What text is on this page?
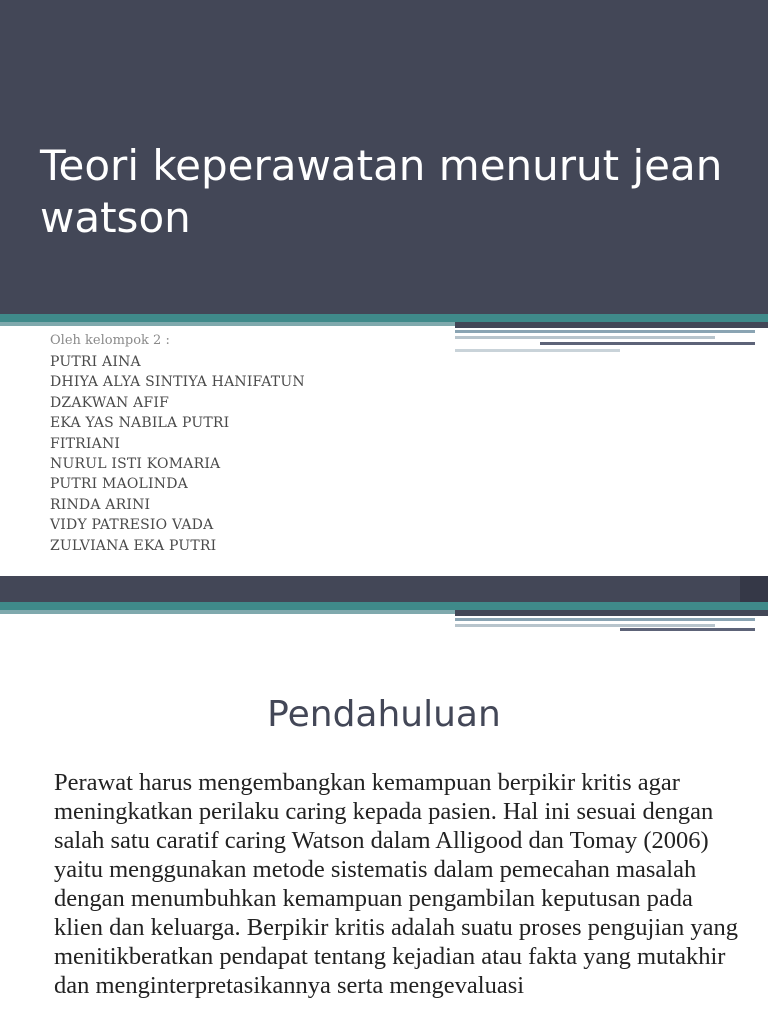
Teori keperawatan menurut jean watson
Oleh kelompok 2 :
PUTRI AINA
DHIYA ALYA SINTIYA HANIFATUN
DZAKWAN AFIF
EKA YAS NABILA PUTRI
FITRIANI
NURUL ISTI KOMARIA
PUTRI MAOLINDA
RINDA ARINI
VIDY PATRESIO VADA
ZULVIANA EKA PUTRI
Pendahuluan

Perawat harus mengembangkan kemampuan berpikir kritis agar meningkatkan perilaku caring kepada pasien. Hal ini sesuai dengan salah satu caratif caring Watson dalam Alligood dan Tomay (2006) yaitu menggunakan metode sistematis dalam pemecahan masalah dengan menumbuhkan kemampuan pengambilan keputusan pada klien dan keluarga. Berpikir kritis adalah suatu proses pengujian yang menitikberatkan pendapat tentang kejadian atau fakta yang mutakhir dan menginterpretasikannya serta mengevaluasi
